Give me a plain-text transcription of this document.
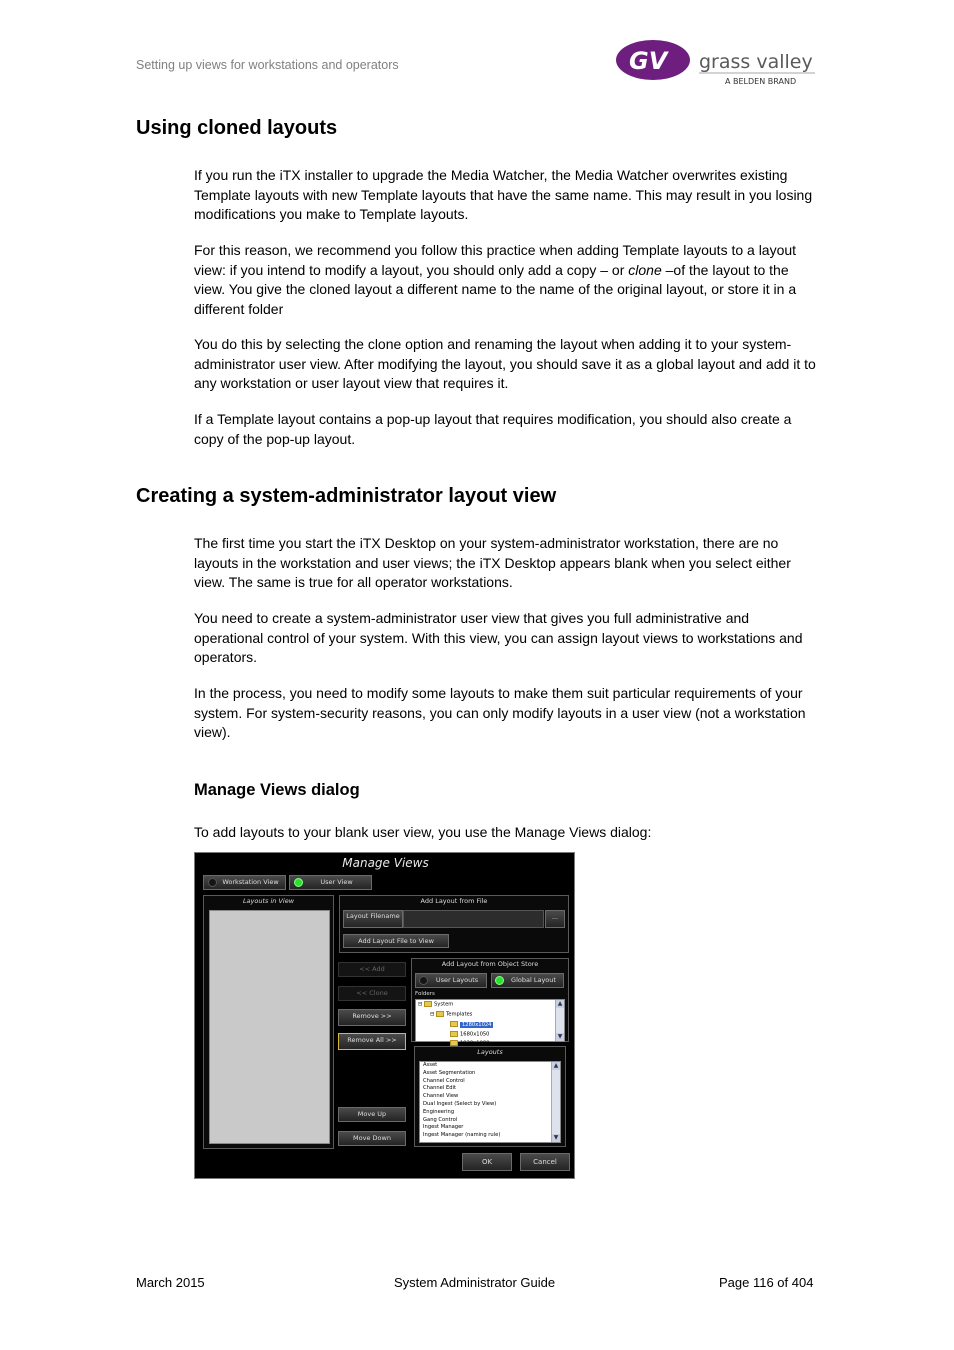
Setting up views for workstations and operators	GV grass valley
A BELDEN BRAND
Using cloned layouts
If you run the iTX installer to upgrade the Media Watcher, the Media Watcher overwrites existing Template layouts with new Template layouts that have the same name. This may result in you losing modifications you make to Template layouts.
For this reason, we recommend you follow this practice when adding Template layouts to a layout view: if you intend to modify a layout, you should only add a copy – or clone –of the layout to the view. You give the cloned layout a different name to the name of the original layout, or store it in a different folder
You do this by selecting the clone option and renaming the layout when adding it to your system-administrator user view. After modifying the layout, you should save it as a global layout and add it to any workstation or user layout view that requires it.
If a Template layout contains a pop-up layout that requires modification, you should also create a copy of the pop-up layout.
Creating a system-administrator layout view
The first time you start the iTX Desktop on your system-administrator workstation, there are no layouts in the workstation and user views; the iTX Desktop appears blank when you select either view. The same is true for all operator workstations.
You need to create a system-administrator user view that gives you full administrative and operational control of your system. With this view, you can assign layout views to workstations and operators.
In the process, you need to modify some layouts to make them suit particular requirements of your system. For system-security reasons, you can only modify layouts in a user view (not a workstation view).
Manage Views dialog
To add layouts to your blank user view, you use the Manage Views dialog:
Manage Views
Workstation View	User View
Layouts in View	Add Layout from File
Layout Filename	...
Add Layout File to View
<< Add
<< Clone
Remove >>
Remove All >>
Move Up
Move Down
Add Layout from Object Store
User Layouts	Global Layout
Folders
⊟ System
⊟ Templates
1280x1024
1680x1050
1920x1080
▲
▼
Layouts
Asset
Asset Segmentation
Channel Control
Channel Edit
Channel View
Dual Ingest (Select by View)
Engineering
Gang Control
Ingest Manager
Ingest Manager (naming rule)
▲
▼
OK	Cancel
March 2015	System Administrator Guide	Page 116 of 404
